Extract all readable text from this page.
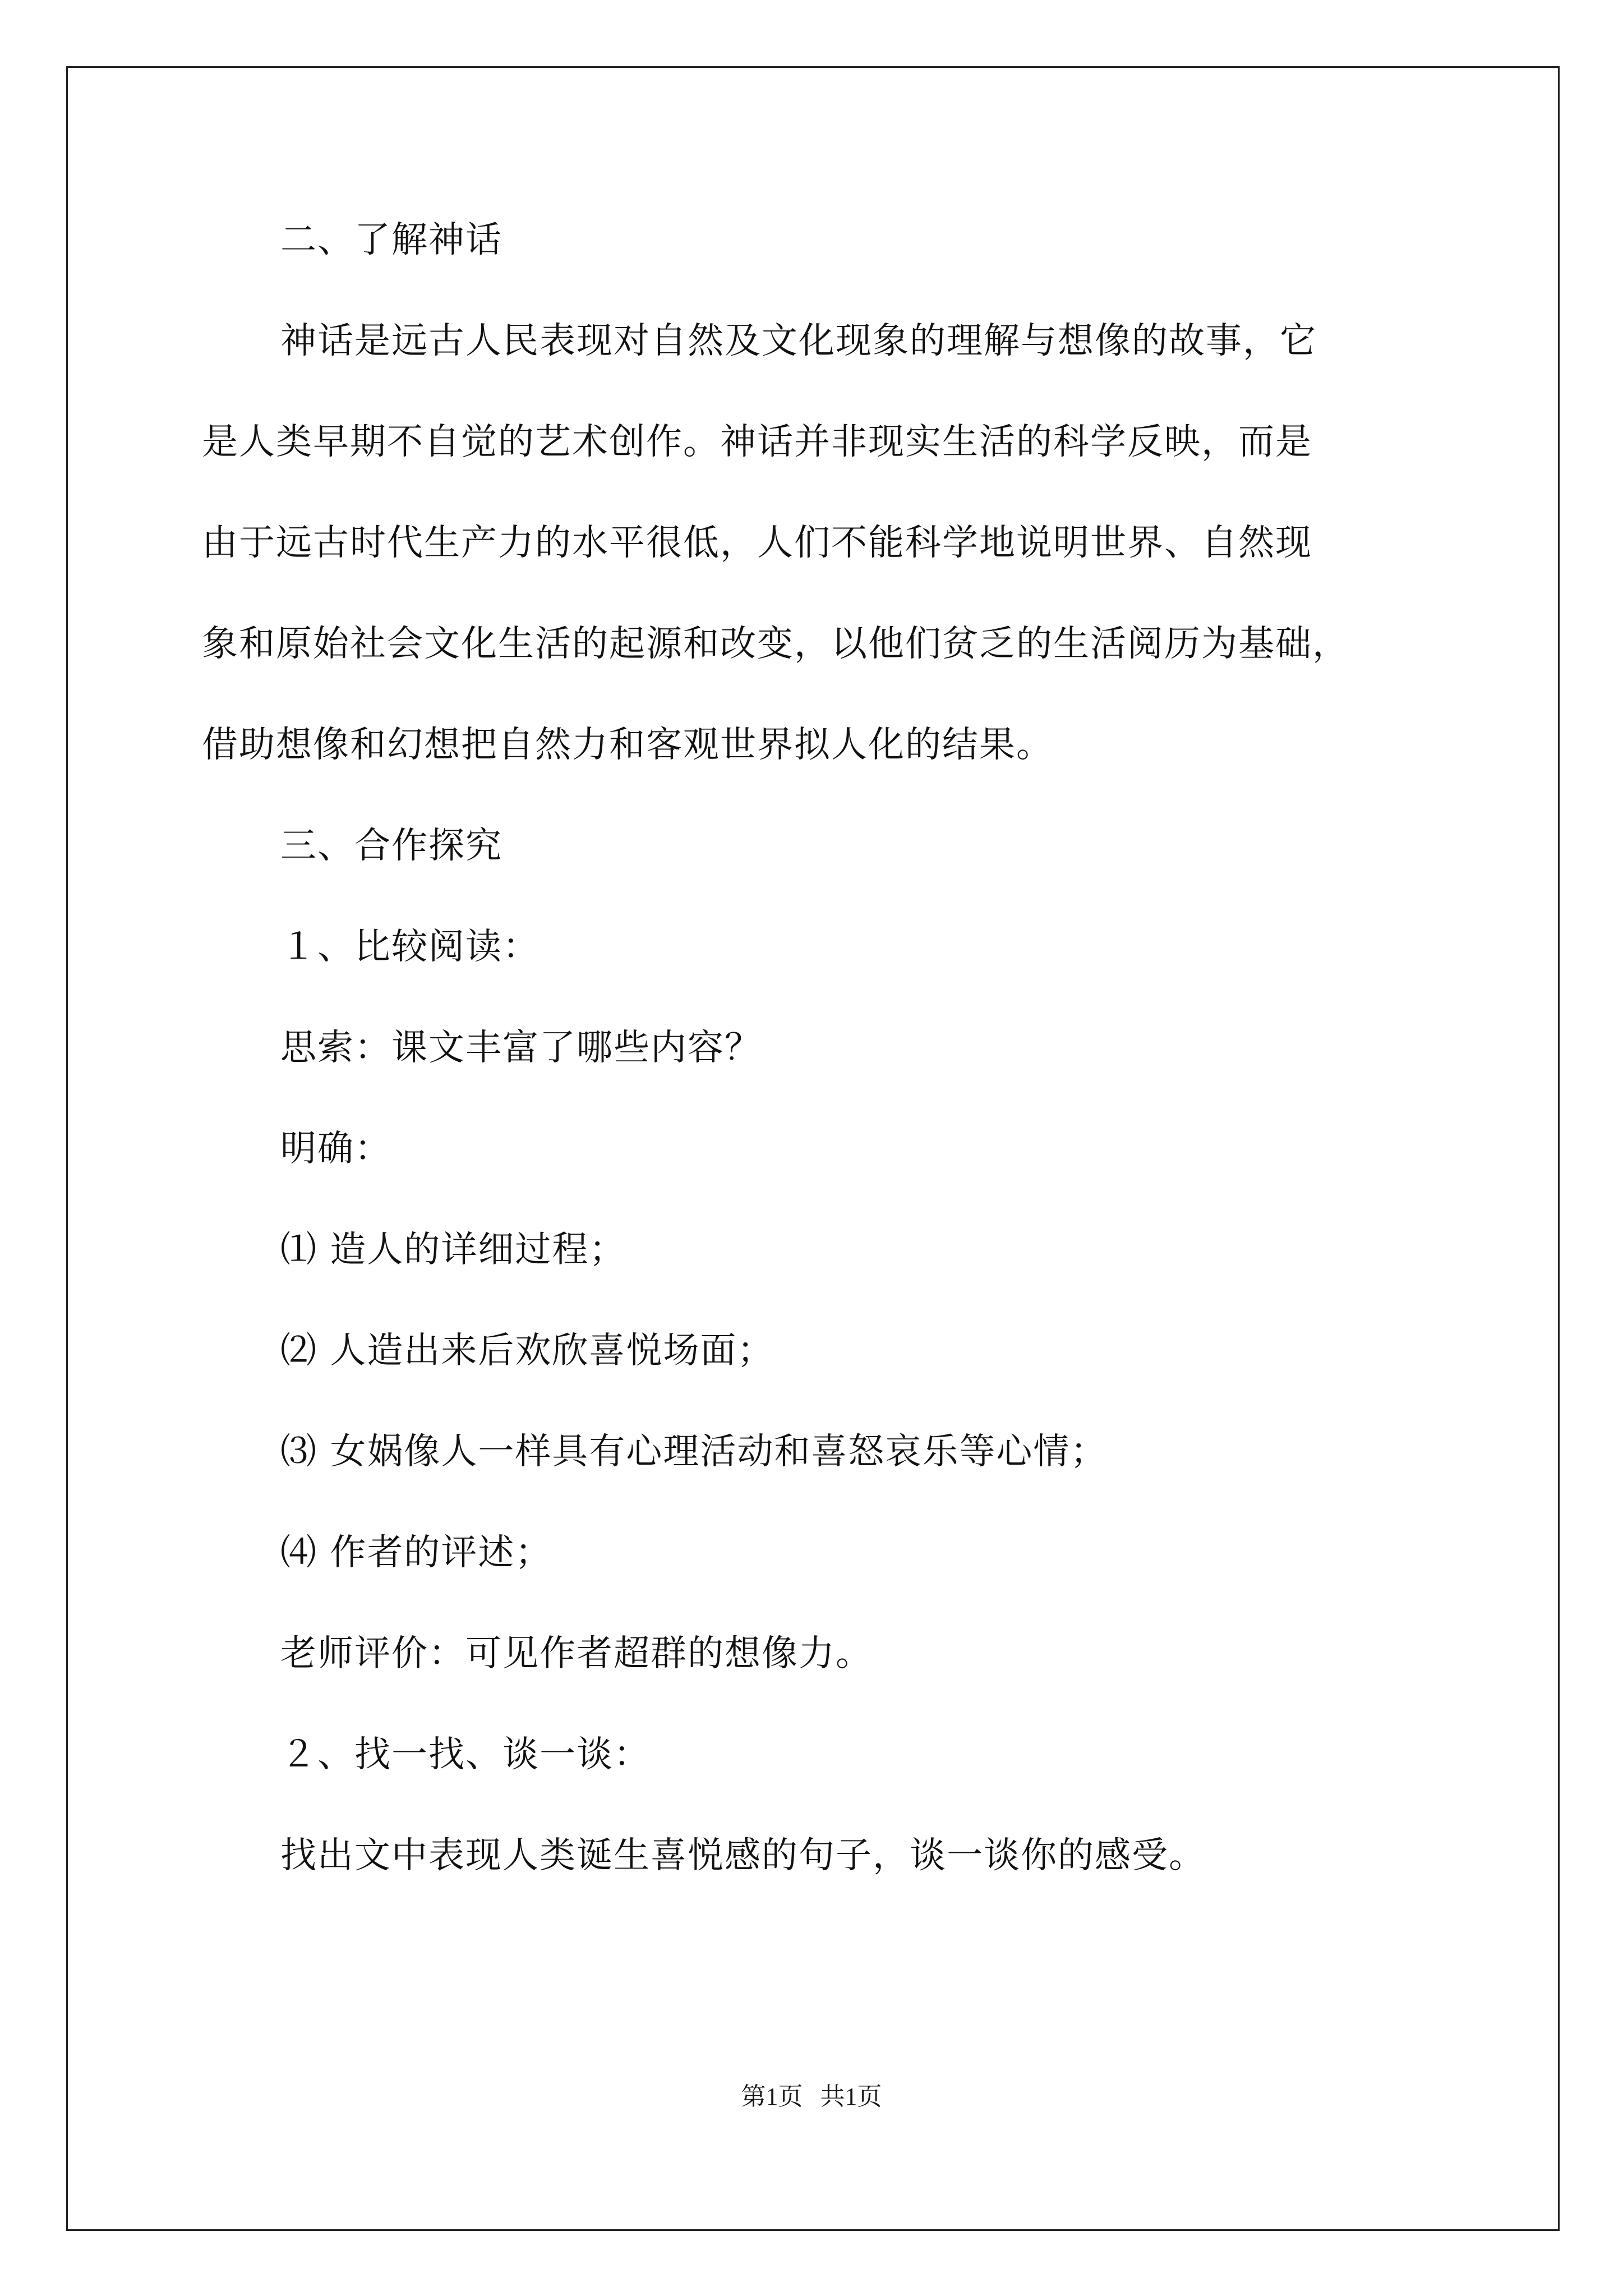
二、了解神话
神话是远古人民表现对自然及文化现象的理解与想像的故事，它
是人类早期不自觉的艺术创作。神话并非现实生活的科学反映，而是
由于远古时代生产力的水平很低，人们不能科学地说明世界、自然现
象和原始社会文化生活的起源和改变，以他们贫乏的生活阅历为基础，
借助想像和幻想把自然力和客观世界拟人化的结果。
三、合作探究
１、比较阅读：
思索：课文丰富了哪些内容？
明确：
⑴ 造人的详细过程；
⑵ 人造出来后欢欣喜悦场面；
⑶ 女娲像人一样具有心理活动和喜怒哀乐等心情；
⑷ 作者的评述；
老师评价：可见作者超群的想像力。
２、找一找、谈一谈：
找出文中表现人类诞生喜悦感的句子，谈一谈你的感受。
第1页 共1页
